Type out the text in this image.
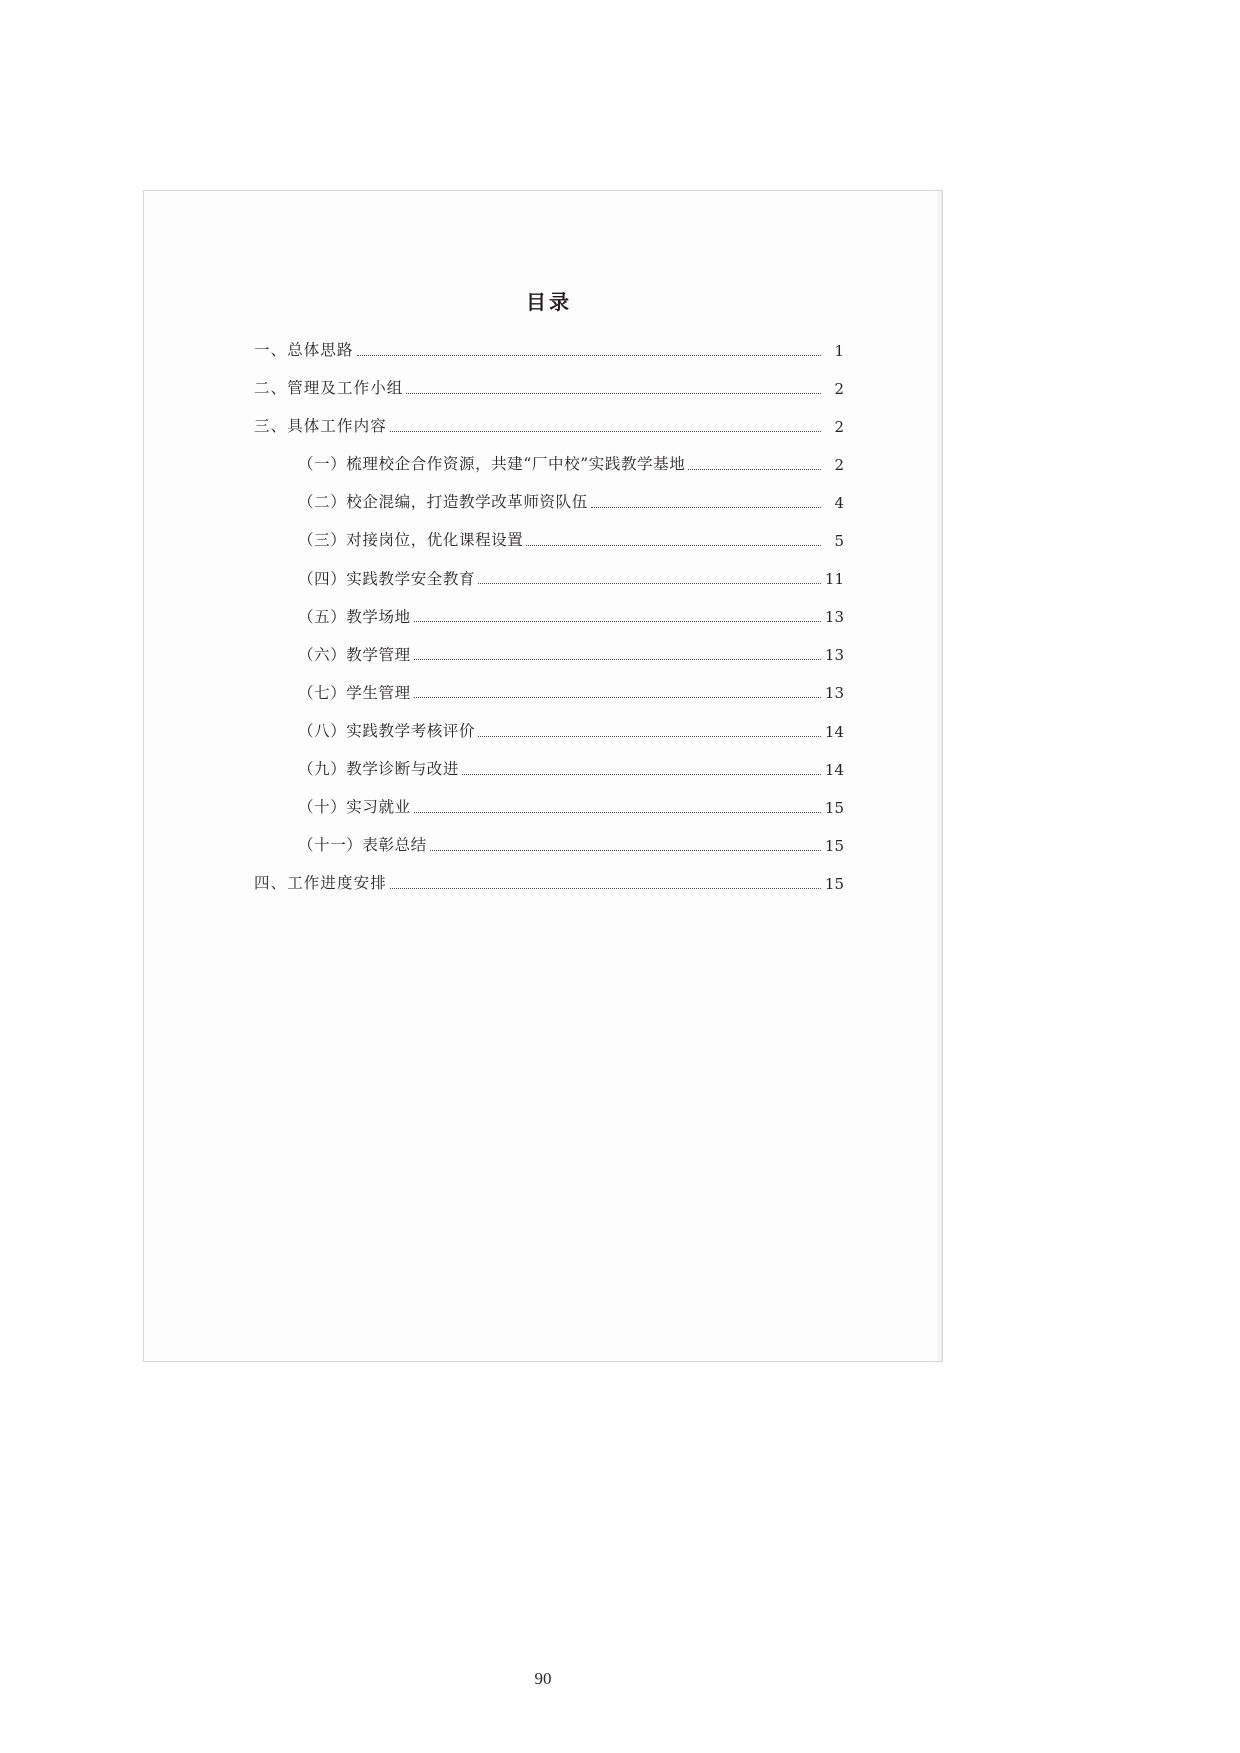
目录
一、总体思路	1
二、管理及工作小组	2
三、具体工作内容	2
（一）梳理校企合作资源，共建“厂中校”实践教学基地	2
（二）校企混编，打造教学改革师资队伍	4
（三）对接岗位，优化课程设置	5
（四）实践教学安全教育	11
（五）教学场地	13
（六）教学管理	13
（七）学生管理	13
（八）实践教学考核评价	14
（九）教学诊断与改进	14
（十）实习就业	15
（十一）表彰总结	15
四、工作进度安排	15
90
